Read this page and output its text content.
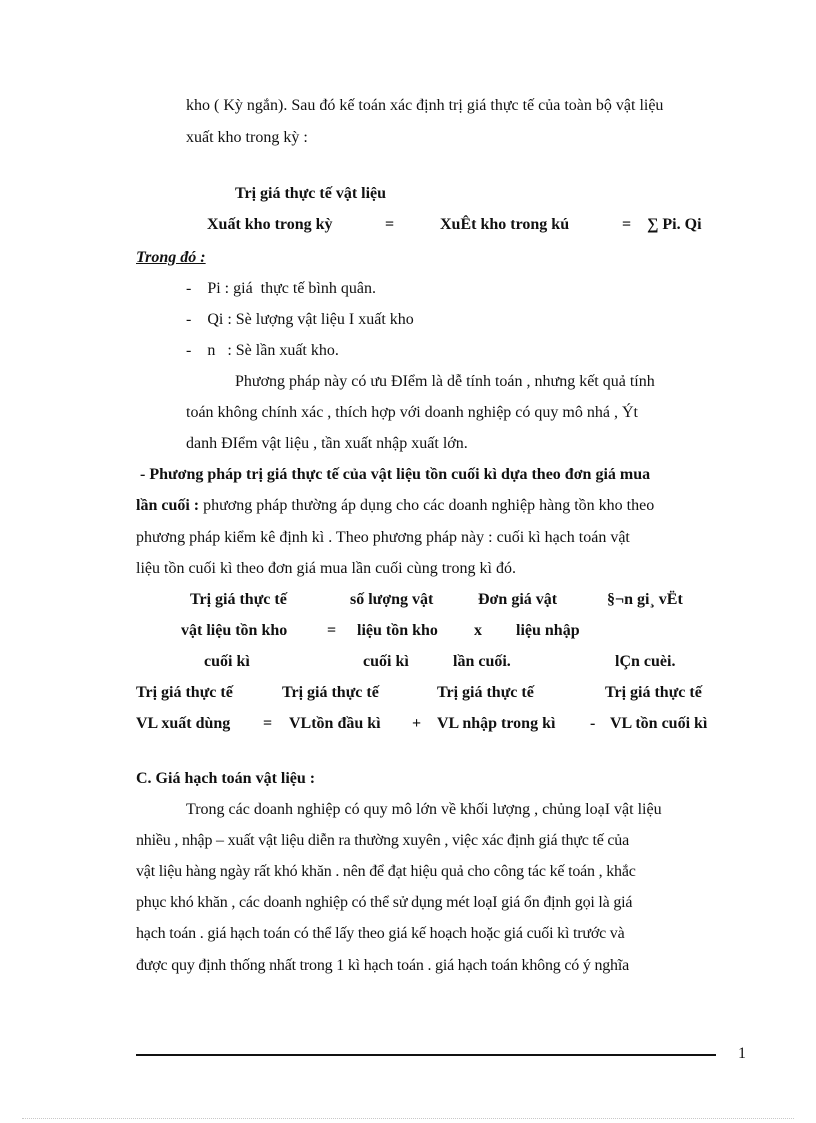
kho ( Kỳ ngắn). Sau đó kế toán xác định trị giá thực tế của toàn bộ vật liệu
xuất kho trong kỳ :
Trị giá thực tế vật liệu
Xuất kho trong kỳ	=	XuÊt kho trong kú	= ∑ Pi. Qi
Trong đó :
-    Pi : giá  thực tế bình quân.
-    Qi : Sè lượng vật liệu I xuất kho
-    n   : Sè lần xuất kho.
Phương pháp này có ưu ĐIểm là dễ tính toán , nhưng kết quả tính
toán không chính xác , thích hợp với doanh nghiệp có quy mô nhá , Ýt
danh ĐIểm vật liệu , tần xuất nhập xuất lớn.
- Phương pháp trị giá thực tế của vật liệu tồn cuối kì dựa theo đơn giá mua
lần cuối : phương pháp thường áp dụng cho các doanh nghiệp hàng tồn kho theo
phương pháp kiểm kê định kì . Theo phương pháp này : cuối kì hạch toán vật
liệu tồn cuối kì theo đơn giá mua lần cuối cùng trong kì đó.
Trị giá thực tế	số lượng vật	Đơn giá vật	§¬n gi¸ vËt
vật liệu tồn kho = liệu tồn kho x liệu nhập
cuối kì	cuối kì	lần cuối.	lÇn cuèi.
Trị giá thực tế	Trị giá thực tế	Trị giá thực tế	Trị giá thực tế
VL xuất dùng = VLtồn đầu kì + VL nhập trong kì - VL tồn cuối kì
C. Giá hạch toán vật liệu :
Trong các doanh nghiệp có quy mô lớn về khối lượng , chủng loạI vật liệu
nhiều , nhập – xuất vật liệu diễn ra thường xuyên , việc xác định giá thực tế của
vật liệu hàng ngày rất khó khăn . nên để đạt hiệu quả cho công tác kế toán , khắc
phục khó khăn , các doanh nghiệp có thể sử dụng mét loạI giá ổn định gọi là giá
hạch toán . giá hạch toán có thể lấy theo giá kế hoạch hoặc giá cuối kì trước và
được quy định thống nhất trong 1 kì hạch toán . giá hạch toán không có ý nghĩa
1
